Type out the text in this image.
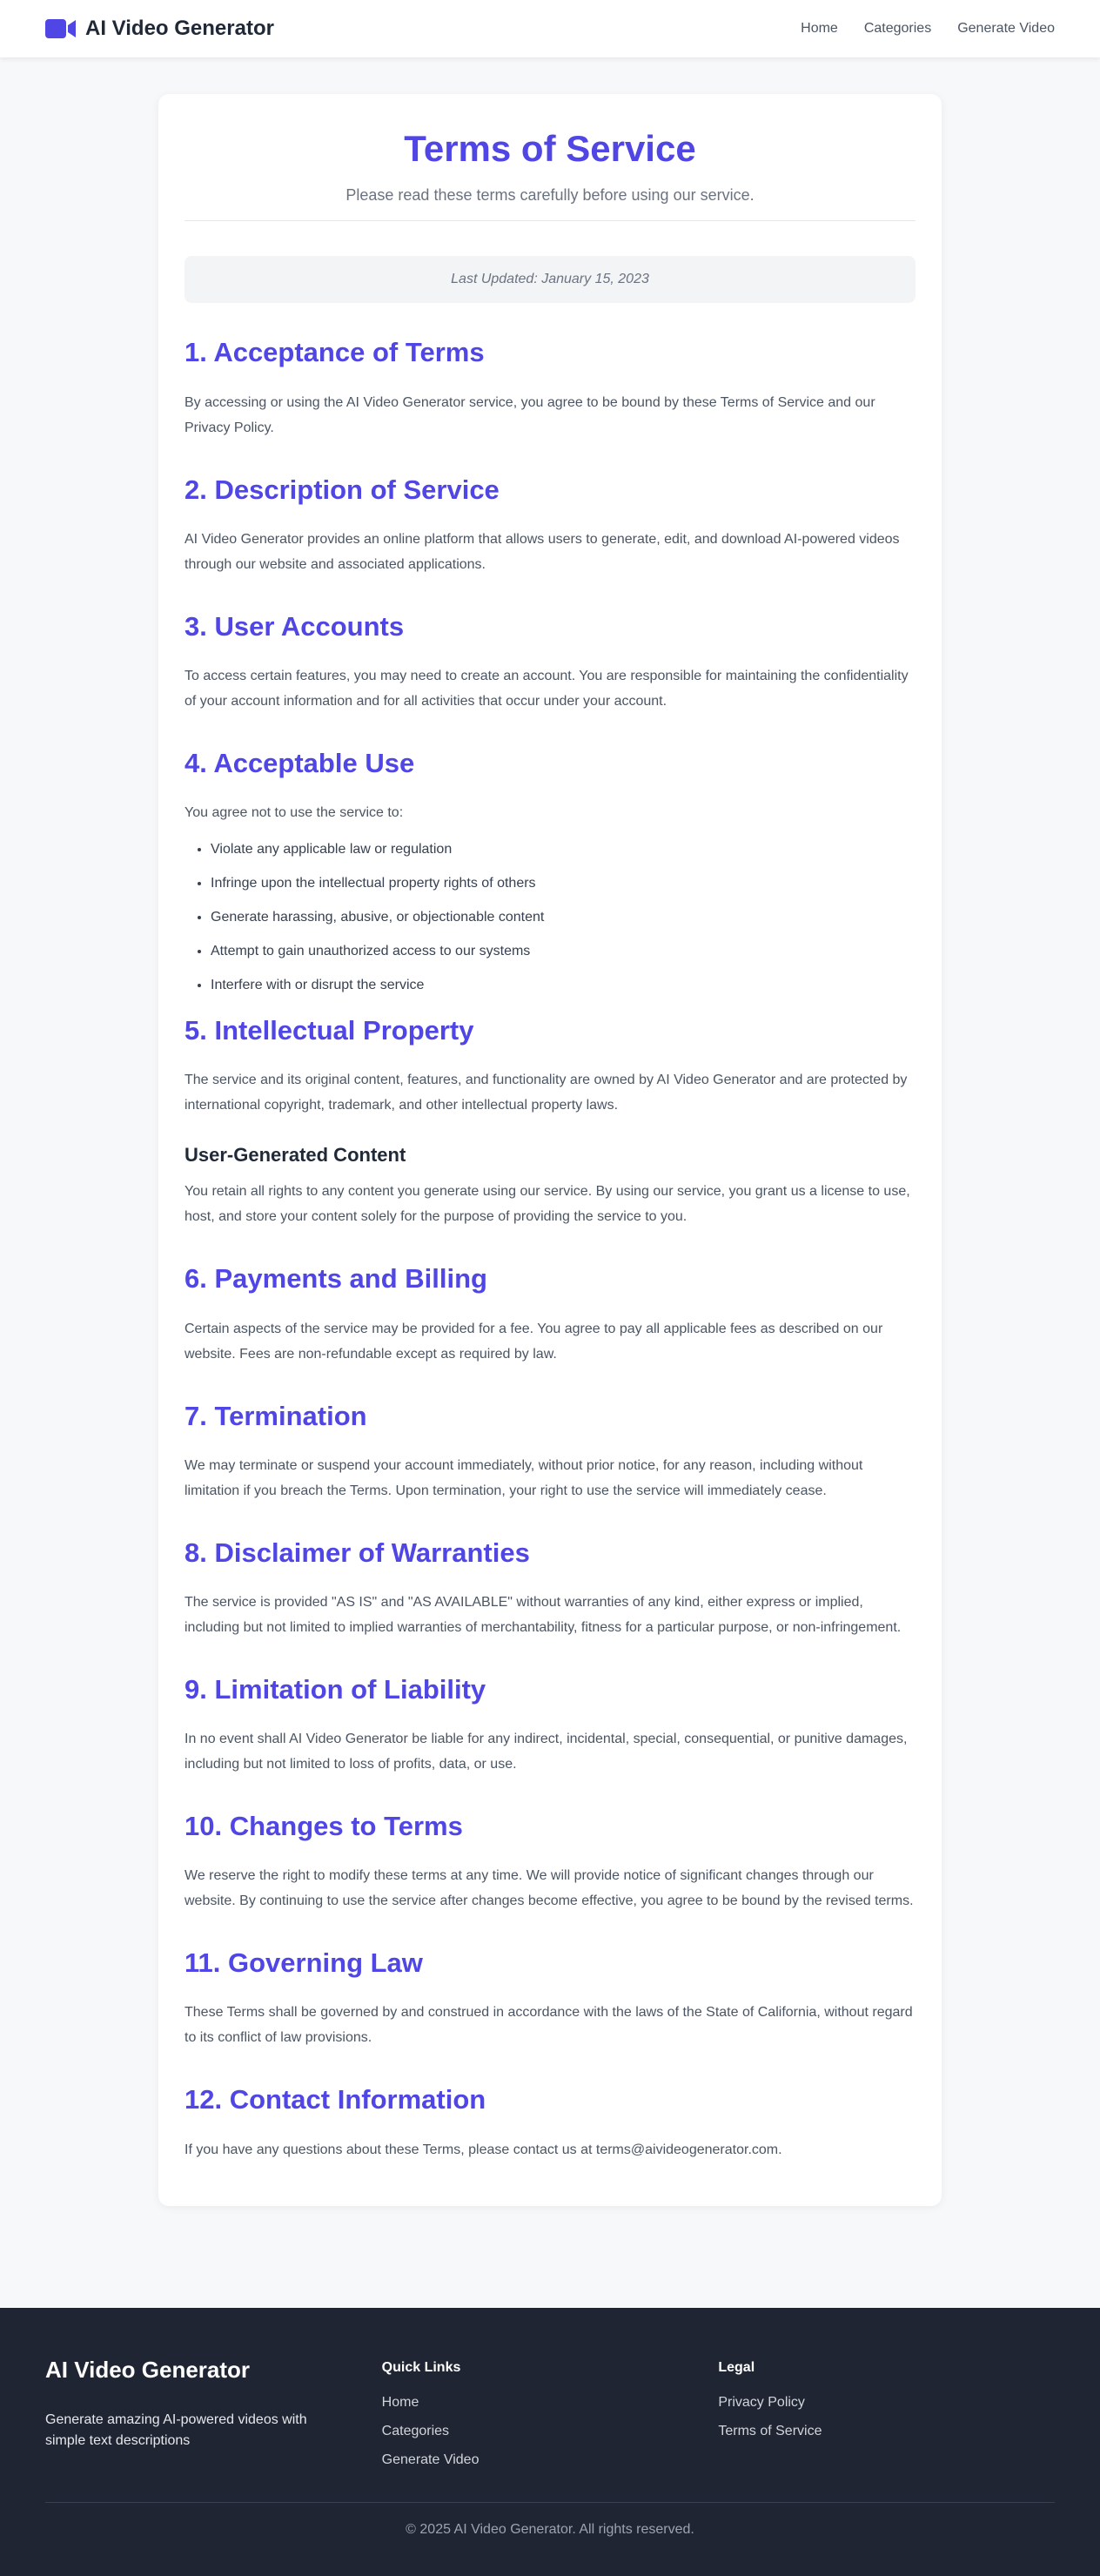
AI Video Generator	Home Categories Generate Video
Terms of Service

Please read these terms carefully before using our service.

Last Updated: January 15, 2023
1. Acceptance of Terms

By accessing or using the AI Video Generator service, you agree to be bound by these Terms of Service and our Privacy Policy.

2. Description of Service

AI Video Generator provides an online platform that allows users to generate, edit, and download AI-powered videos through our website and associated applications.

3. User Accounts

To access certain features, you may need to create an account. You are responsible for maintaining the confidentiality of your account information and for all activities that occur under your account.

4. Acceptable Use

You agree not to use the service to:

• Violate any applicable law or regulation
• Infringe upon the intellectual property rights of others
• Generate harassing, abusive, or objectionable content
• Attempt to gain unauthorized access to our systems
• Interfere with or disrupt the service
5. Intellectual Property

The service and its original content, features, and functionality are owned by AI Video Generator and are protected by international copyright, trademark, and other intellectual property laws.

User-Generated Content

You retain all rights to any content you generate using our service. By using our service, you grant us a license to use, host, and store your content solely for the purpose of providing the service to you.

6. Payments and Billing

Certain aspects of the service may be provided for a fee. You agree to pay all applicable fees as described on our website. Fees are non-refundable except as required by law.

7. Termination

We may terminate or suspend your account immediately, without prior notice, for any reason, including without limitation if you breach the Terms. Upon termination, your right to use the service will immediately cease.

8. Disclaimer of Warranties

The service is provided "AS IS" and "AS AVAILABLE" without warranties of any kind, either express or implied, including but not limited to implied warranties of merchantability, fitness for a particular purpose, or non-infringement.

9. Limitation of Liability

In no event shall AI Video Generator be liable for any indirect, incidental, special, consequential, or punitive damages, including but not limited to loss of profits, data, or use.

10. Changes to Terms

We reserve the right to modify these terms at any time. We will provide notice of significant changes through our website. By continuing to use the service after changes become effective, you agree to be bound by the revised terms.

11. Governing Law

These Terms shall be governed by and construed in accordance with the laws of the State of California, without regard to its conflict of law provisions.

12. Contact Information

If you have any questions about these Terms, please contact us at terms@aivideogenerator.com.

AI Video Generator

Generate amazing AI-powered videos with simple text descriptions

Quick Links
Home
Categories
Generate Video
Legal
Privacy Policy
Terms of Service

© 2025 AI Video Generator. All rights reserved.
